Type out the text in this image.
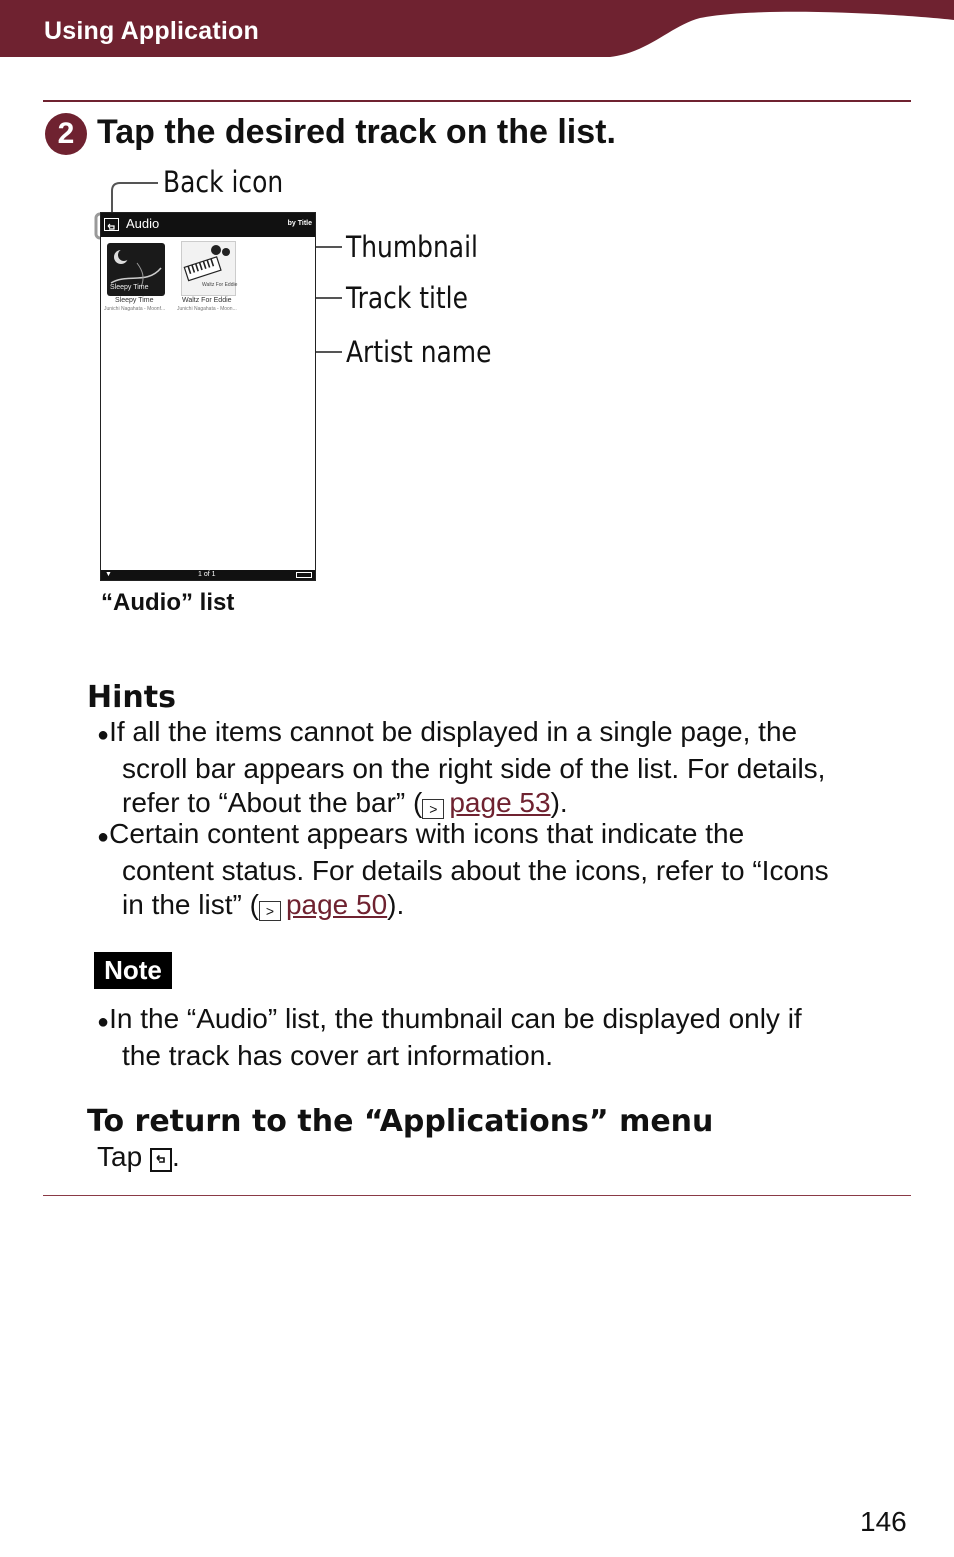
Using Application
2 Tap the desired track on the list.
Back icon
Thumbnail
Track title
Artist name
Audio	by Title
Sleepy Time
Sleepy Time
Junichi Nagahata - Moonf...
Waltz For Eddie
Waltz For Eddie
Junichi Nagahata - Moon...
▼	1 of 1
“Audio” list
Hints
●If all the items cannot be displayed in a single page, the
scroll bar appears on the right side of the list. For details,
refer to “About the bar” ( > page 53).
●Certain content appears with icons that indicate the
content status. For details about the icons, refer to “Icons
in the list” ( > page 50).
Note
●In the “Audio” list, the thumbnail can be displayed only if
the track has cover art information.
To return to the “Applications” menu
Tap .
146
